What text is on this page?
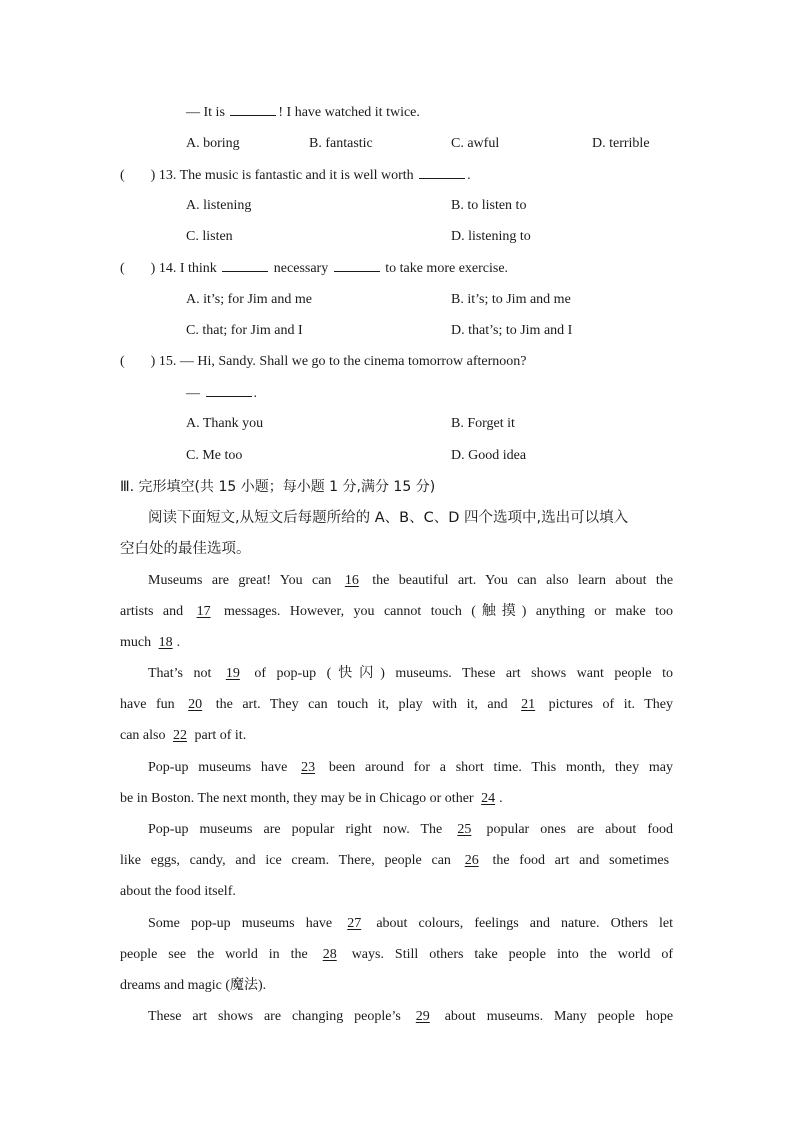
— It is	! I have watched it twice.
A. boring	B. fantastic	C. awful	D. terrible
( ) 13. The music is fantastic and it is well worth	.
A. listening	B. to listen to
C. listen	D. listening to
( ) 14. I think	necessary	to take more exercise.
A. it’s; for Jim and me	B. it’s; to Jim and me
C. that; for Jim and I	D. that’s; to Jim and I
( ) 15. — Hi, Sandy. Shall we go to the cinema tomorrow afternoon?
—	.
A. Thank you	B. Forget it
C. Me too	D. Good idea
Ⅲ. 完形填空(共 15 小题；每小题 1 分,满分 15 分)
阅读下面短文,从短文后每题所给的 A、B、C、D 四个选项中,选出可以填入
空白处的最佳选项。
Museums are great! You can 16 the beautiful art. You can also learn about the
artists and 17 messages. However, you cannot touch (触摸) anything or make too
much 18 .
That’s not 19 of pop-up (快闪) museums. These art shows want people to
have fun 20 the art. They can touch it, play with it, and 21 pictures of it. They
can also 22 part of it.
Pop-up museums have 23 been around for a short time. This month, they may
be in Boston. The next month, they may be in Chicago or other 24 .
Pop-up museums are popular right now. The 25 popular ones are about food
like eggs, candy, and ice cream. There, people can 26 the food art and sometimes
about the food itself.
Some pop-up museums have 27 about colours, feelings and nature. Others let
people see the world in the 28 ways. Still others take people into the world of
dreams and magic (魔法).
These art shows are changing people’s 29 about museums. Many people hope
